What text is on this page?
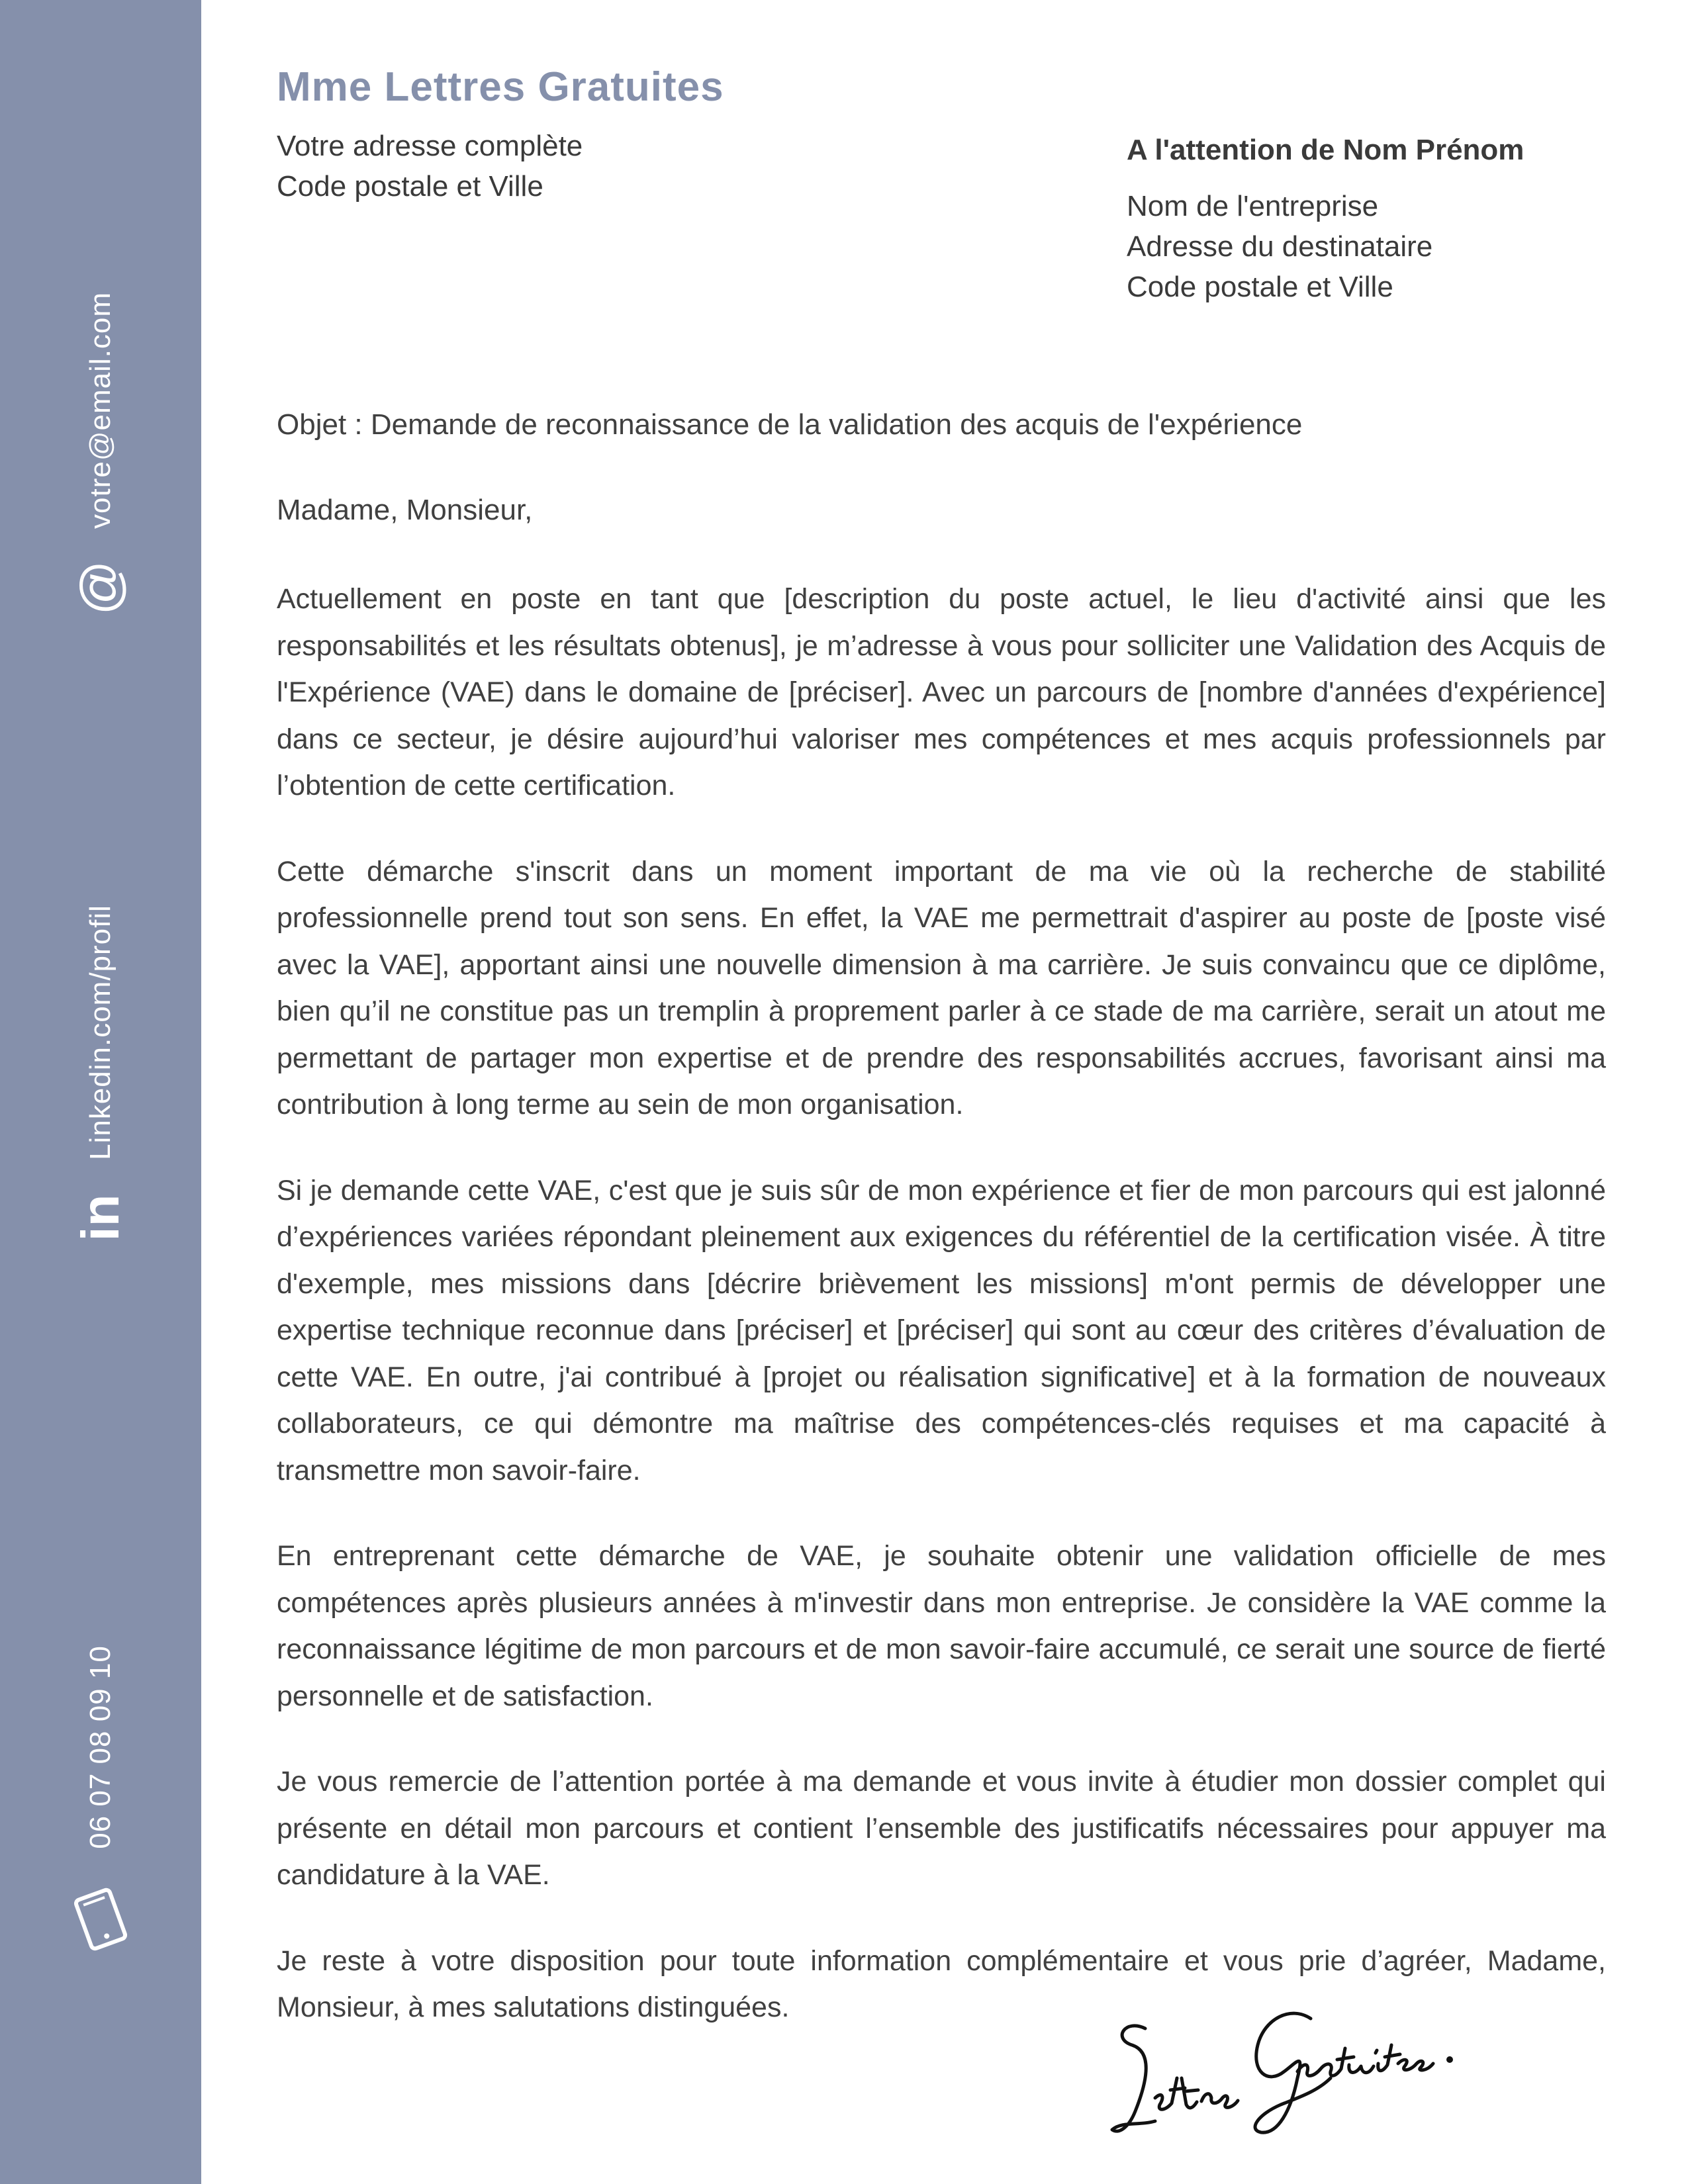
votre@email.com
@
Linkedin.com/profil
in
06 07 08 09 10
Mme Lettres Gratuites
Votre adresse complète
Code postale et Ville
A l'attention de Nom Prénom
Nom de l'entreprise
Adresse du destinataire
Code postale et Ville
Objet : Demande de reconnaissance de la validation des acquis de l'expérience
Madame, Monsieur,

Actuellement en poste en tant que [description du poste actuel, le lieu d'activité ainsi que les responsabilités et les résultats obtenus], je m’adresse à vous pour solliciter une Validation des Acquis de l'Expérience (VAE) dans le domaine de [préciser]. Avec un parcours de [nombre d'années d'expérience] dans ce secteur, je désire aujourd’hui valoriser mes compétences et mes acquis professionnels par l’obtention de cette certification.

Cette démarche s'inscrit dans un moment important de ma vie où la recherche de stabilité professionnelle prend tout son sens. En effet, la VAE me permettrait d'aspirer au poste de [poste visé avec la VAE], apportant ainsi une nouvelle dimension à ma carrière. Je suis convaincu que ce diplôme, bien qu’il ne constitue pas un tremplin à proprement parler à ce stade de ma carrière, serait un atout me permettant de partager mon expertise et de prendre des responsabilités accrues, favorisant ainsi ma contribution à long terme au sein de mon organisation.

Si je demande cette VAE, c'est que je suis sûr de mon expérience et fier de mon parcours qui est jalonné d’expériences variées répondant pleinement aux exigences du référentiel de la certification visée. À titre d'exemple, mes missions dans [décrire brièvement les missions] m'ont permis de développer une expertise technique reconnue dans [préciser] et [préciser] qui sont au cœur des critères d’évaluation de cette VAE. En outre, j'ai contribué à [projet ou réalisation significative] et à la formation de nouveaux collaborateurs, ce qui démontre ma maîtrise des compétences-clés requises et ma capacité à transmettre mon savoir-faire.

En entreprenant cette démarche de VAE, je souhaite obtenir une validation officielle de mes compétences après plusieurs années à m'investir dans mon entreprise. Je considère la VAE comme la reconnaissance légitime de mon parcours et de mon savoir-faire accumulé, ce serait une source de fierté personnelle et de satisfaction.

Je vous remercie de l’attention portée à ma demande et vous invite à étudier mon dossier complet qui présente en détail mon parcours et contient l’ensemble des justificatifs nécessaires pour appuyer ma candidature à la VAE.

Je reste à votre disposition pour toute information complémentaire et vous prie d’agréer, Madame, Monsieur, à mes salutations distinguées.
